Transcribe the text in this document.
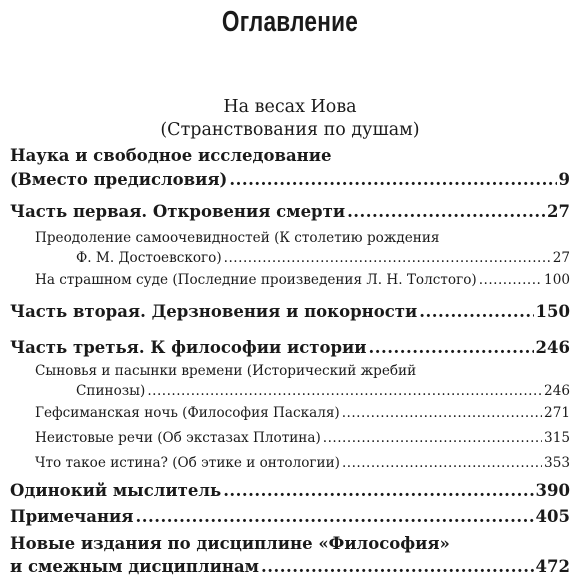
Оглавление
На весах Иова
(Странствования по душам)
Наука и свободное исследование
(Вместо предисловия) .....	9
Часть первая. Откровения смерти .....	27
Преодоление самоочевидностей (К столетию рождения
Ф. М. Достоевского) .....	27
На страшном суде (Последние произведения Л. Н. Толстого) .....	100
Часть вторая. Дерзновения и покорности .....	150
Часть третья. К философии истории .....	246
Сыновья и пасынки времени (Исторический жребий
Спинозы) .....	246
Гефсиманская ночь (Философия Паскаля) .....	271
Неистовые речи (Об экстазах Плотина) .....	315
Что такое истина? (Об этике и онтологии) .....	353
Одинокий мыслитель .....	390
Примечания .....	405
Новые издания по дисциплине «Философия»
и смежным дисциплинам .....	472
